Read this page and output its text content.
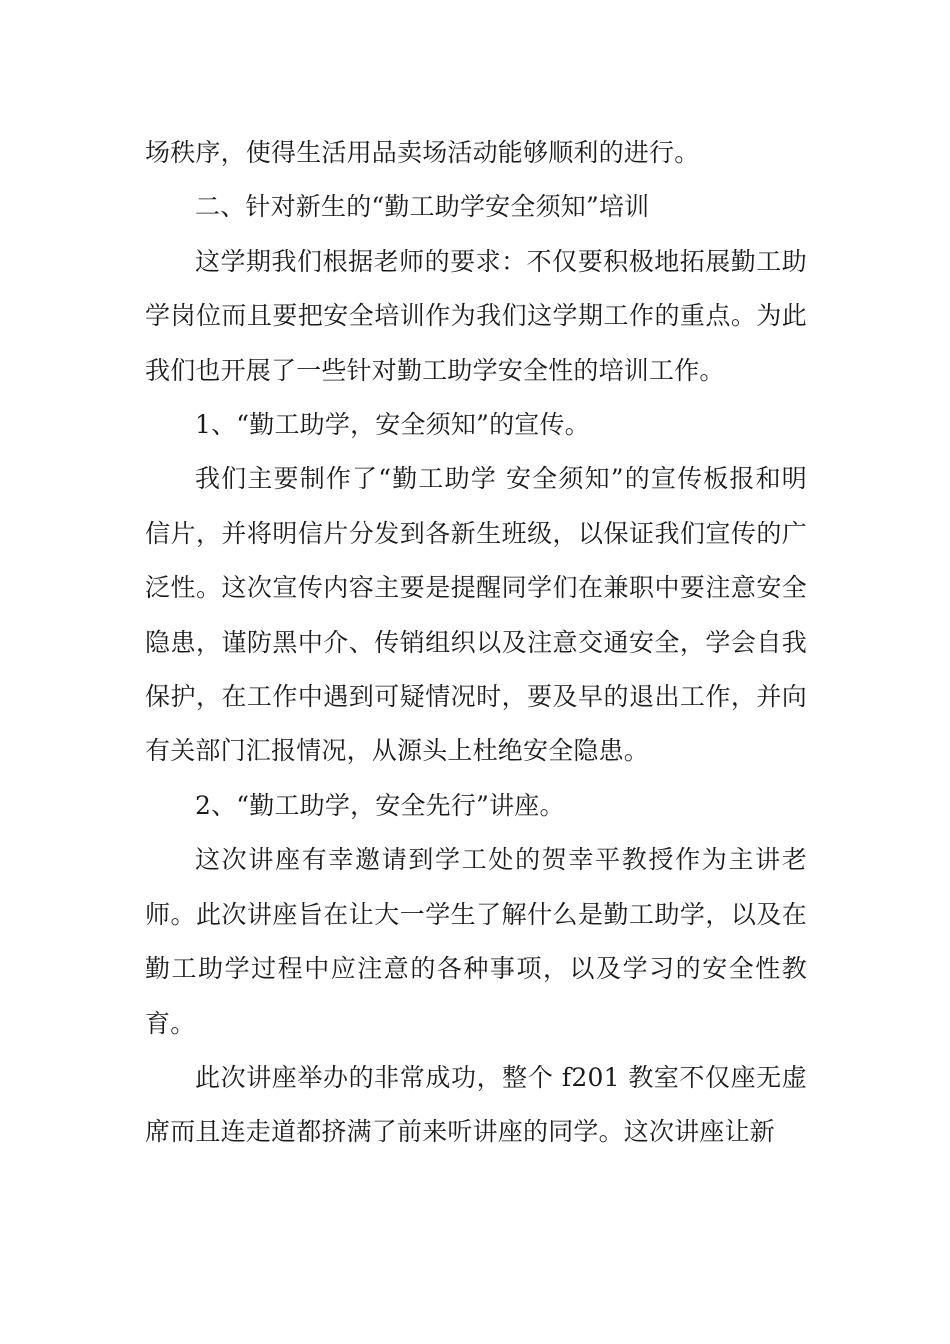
场秩序，使得生活用品卖场活动能够顺利的进行。

二、针对新生的“勤工助学安全须知”培训

这学期我们根据老师的要求：不仅要积极地拓展勤工助学岗位而且要把安全培训作为我们这学期工作的重点。为此我们也开展了一些针对勤工助学安全性的培训工作。

1、“勤工助学，安全须知”的宣传。

我们主要制作了“勤工助学 安全须知”的宣传板报和明信片，并将明信片分发到各新生班级，以保证我们宣传的广泛性。这次宣传内容主要是提醒同学们在兼职中要注意安全隐患，谨防黑中介、传销组织以及注意交通安全，学会自我保护，在工作中遇到可疑情况时，要及早的退出工作，并向有关部门汇报情况，从源头上杜绝安全隐患。

2、“勤工助学，安全先行”讲座。

这次讲座有幸邀请到学工处的贺幸平教授作为主讲老师。此次讲座旨在让大一学生了解什么是勤工助学，以及在勤工助学过程中应注意的各种事项，以及学习的安全性教育。

此次讲座举办的非常成功，整个 f201 教室不仅座无虚席而且连走道都挤满了前来听讲座的同学。这次讲座让新
